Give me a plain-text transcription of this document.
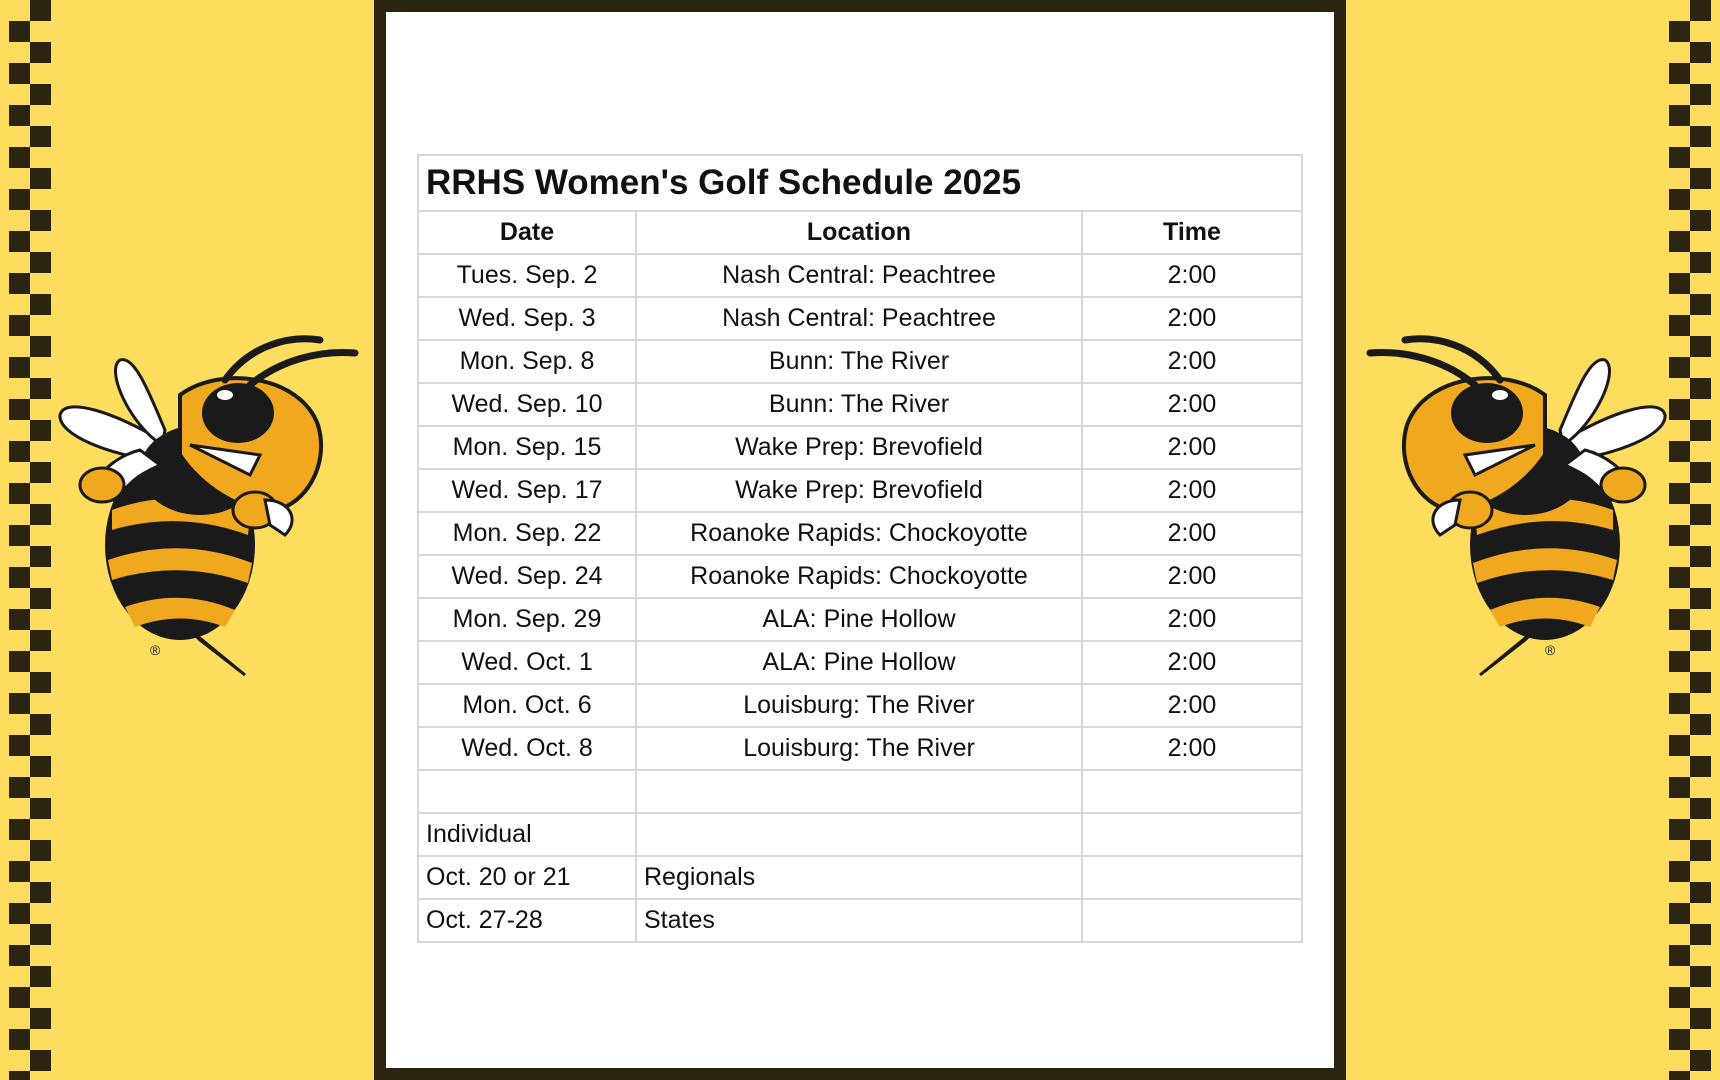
®	®
RRHS Women's Golf Schedule 2025		
Date	Location	Time
Tues. Sep. 2	Nash Central: Peachtree	2:00
Wed. Sep. 3	Nash Central: Peachtree	2:00
Mon. Sep. 8	Bunn: The River	2:00
Wed. Sep. 10	Bunn: The River	2:00
Mon. Sep. 15	Wake Prep: Brevofield	2:00
Wed. Sep. 17	Wake Prep: Brevofield	2:00
Mon. Sep. 22	Roanoke Rapids: Chockoyotte	2:00
Wed. Sep. 24	Roanoke Rapids: Chockoyotte	2:00
Mon. Sep. 29	ALA: Pine Hollow	2:00
Wed. Oct. 1	ALA: Pine Hollow	2:00
Mon. Oct. 6	Louisburg: The River	2:00
Wed. Oct. 8	Louisburg: The River	2:00

Individual		
Oct. 20 or 21	Regionals	
Oct. 27-28	States	
